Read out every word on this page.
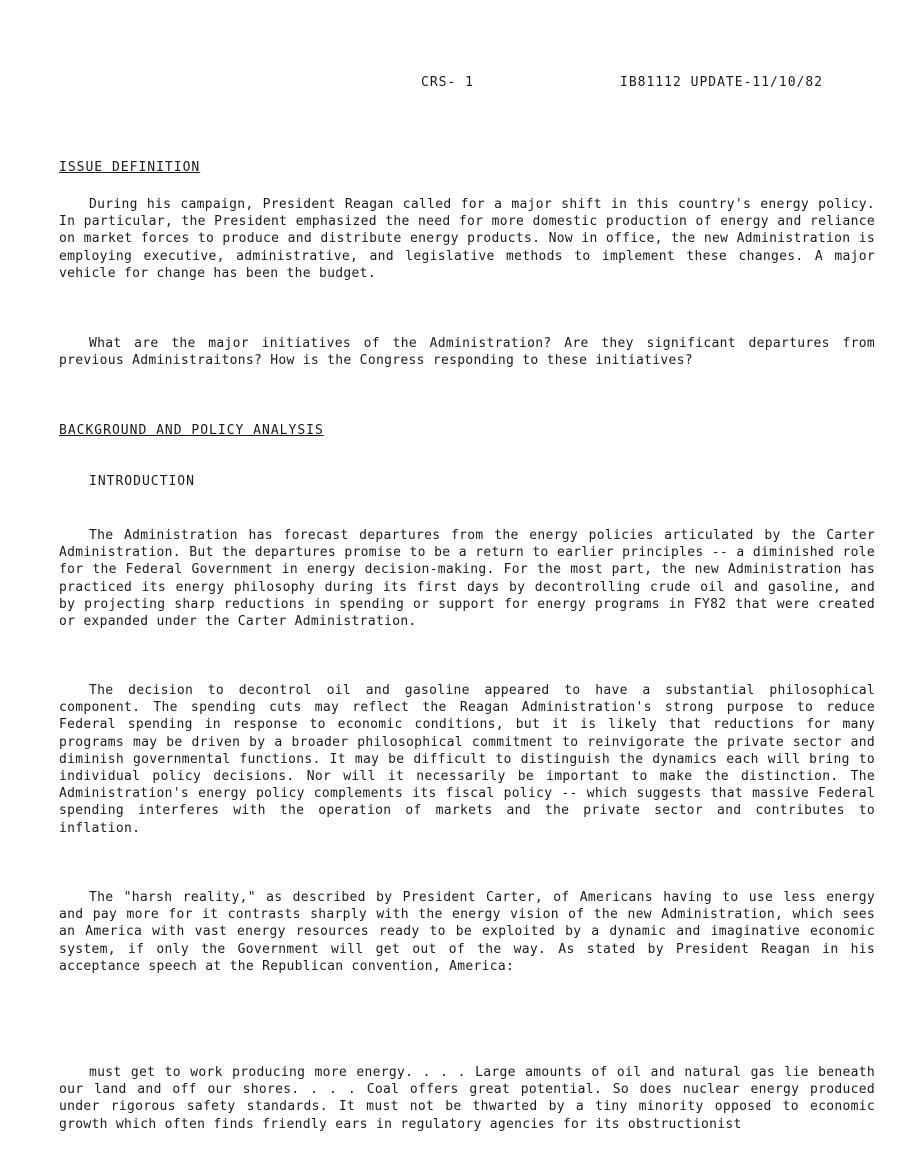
CRS- 1	IB81112 UPDATE-11/10/82
ISSUE DEFINITION

During his campaign, President Reagan called for a major shift in this country's energy policy. In particular, the President emphasized the need for more domestic production of energy and reliance on market forces to produce and distribute energy products. Now in office, the new Administration is employing executive, administrative, and legislative methods to implement these changes. A major vehicle for change has been the budget.

What are the major initiatives of the Administration? Are they significant departures from previous Administraitons? How is the Congress responding to these initiatives?

BACKGROUND AND POLICY ANALYSIS
INTRODUCTION

The Administration has forecast departures from the energy policies articulated by the Carter Administration. But the departures promise to be a return to earlier principles -- a diminished role for the Federal Government in energy decision-making. For the most part, the new Administration has practiced its energy philosophy during its first days by decontrolling crude oil and gasoline, and by projecting sharp reductions in spending or support for energy programs in FY82 that were created or expanded under the Carter Administration.

The decision to decontrol oil and gasoline appeared to have a substantial philosophical component. The spending cuts may reflect the Reagan Administration's strong purpose to reduce Federal spending in response to economic conditions, but it is likely that reductions for many programs may be driven by a broader philosophical commitment to reinvigorate the private sector and diminish governmental functions. It may be difficult to distinguish the dynamics each will bring to individual policy decisions. Nor will it necessarily be important to make the distinction. The Administration's energy policy complements its fiscal policy -- which suggests that massive Federal spending interferes with the operation of markets and the private sector and contributes to inflation.

The "harsh reality," as described by President Carter, of Americans having to use less energy and pay more for it contrasts sharply with the energy vision of the new Administration, which sees an America with vast energy resources ready to be exploited by a dynamic and imaginative economic system, if only the Government will get out of the way. As stated by President Reagan in his acceptance speech at the Republican convention, America:

must get to work producing more energy. . . . Large amounts of oil and natural gas lie beneath our land and off our shores. . . . Coal offers great potential. So does nuclear energy produced under rigorous safety standards. It must not be thwarted by a tiny minority opposed to economic growth which often finds friendly ears in regulatory agencies for its obstructionist
